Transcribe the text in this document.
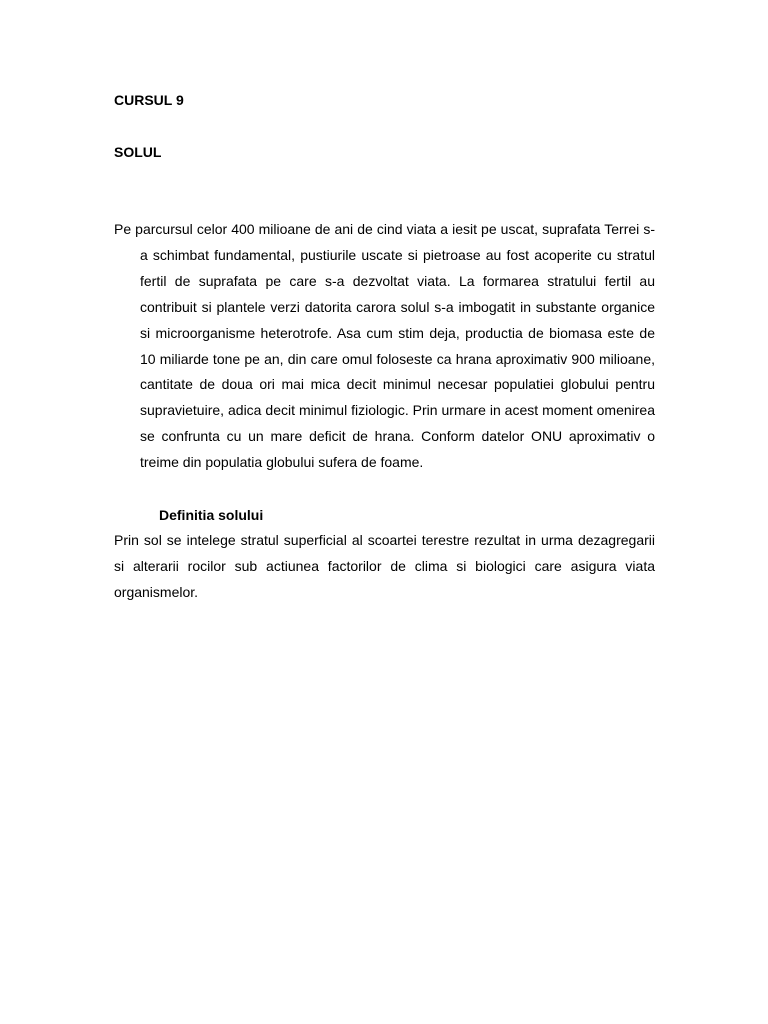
CURSUL 9
SOLUL

Pe parcursul celor 400 milioane de ani de cind viata a iesit pe uscat, suprafata Terrei s-a schimbat fundamental, pustiurile uscate si pietroase au fost acoperite cu stratul fertil de suprafata pe care s-a dezvoltat viata. La formarea stratului fertil au contribuit si plantele verzi datorita carora solul s-a imbogatit in substante organice si microorganisme heterotrofe. Asa cum stim deja, productia de biomasa este de 10 miliarde tone pe an, din care omul foloseste ca hrana aproximativ 900 milioane, cantitate de doua ori mai mica decit minimul necesar populatiei globului pentru supravietuire, adica decit minimul fiziologic. Prin urmare in acest moment omenirea se confrunta cu un mare deficit de hrana. Conform datelor ONU aproximativ o treime din populatia globului sufera de foame.

Definitia solului

Prin sol se intelege stratul superficial al scoartei terestre rezultat in urma dezagregarii si alterarii rocilor sub actiunea factorilor de clima si biologici care asigura viata organismelor.
